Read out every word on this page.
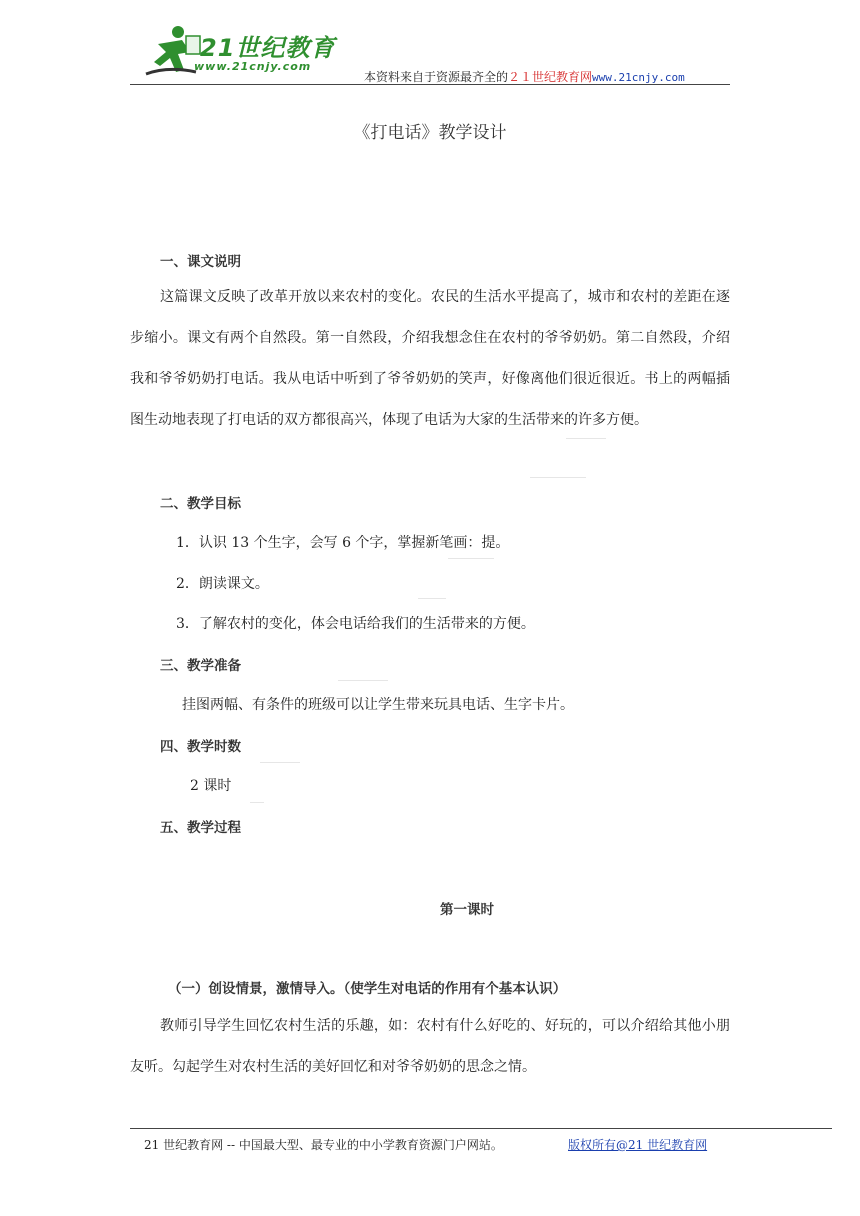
21世纪教育
www.21cnjy.com
本资料来自于资源最齐全的２１世纪教育网www.21cnjy.com
《打电话》教学设计
一、课文说明
这篇课文反映了改革开放以来农村的变化。农民的生活水平提高了，城市和农村的差距在逐步缩小。课文有两个自然段。第一自然段，介绍我想念住在农村的爷爷奶奶。第二自然段，介绍我和爷爷奶奶打电话。我从电话中听到了爷爷奶奶的笑声，好像离他们很近很近。书上的两幅插图生动地表现了打电话的双方都很高兴，体现了电话为大家的生活带来的许多方便。
二、教学目标
1．认识 13 个生字，会写 6 个字，掌握新笔画：提。
2．朗读课文。
3．了解农村的变化，体会电话给我们的生活带来的方便。
三、教学准备
挂图两幅、有条件的班级可以让学生带来玩具电话、生字卡片。
四、教学时数
2 课时
五、教学过程
第一课时
（一）创设情景，激情导入。（使学生对电话的作用有个基本认识）
教师引导学生回忆农村生活的乐趣，如：农村有什么好吃的、好玩的，可以介绍给其他小朋友听。勾起学生对农村生活的美好回忆和对爷爷奶奶的思念之情。
21 世纪教育网 -- 中国最大型、最专业的中小学教育资源门户网站。	版权所有@21 世纪教育网
